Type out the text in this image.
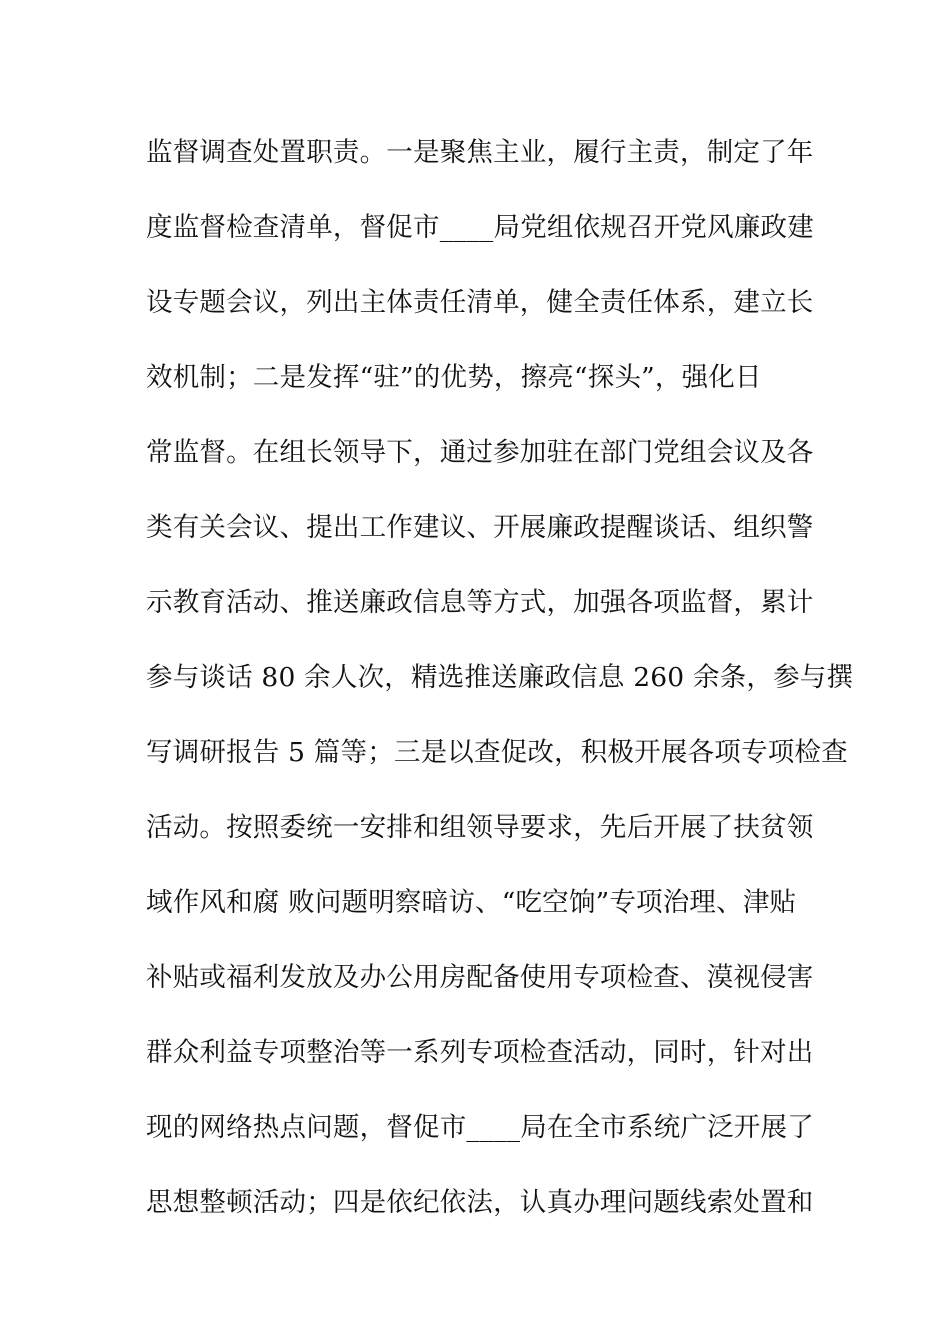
监督调查处置职责。一是聚焦主业，履行主责，制定了年
度监督检查清单，督促市____局党组依规召开党风廉政建
设专题会议，列出主体责任清单，健全责任体系，建立长
效机制；二是发挥“驻”的优势，擦亮“探头”，强化日
常监督。在组长领导下，通过参加驻在部门党组会议及各
类有关会议、提出工作建议、开展廉政提醒谈话、组织警
示教育活动、推送廉政信息等方式，加强各项监督，累计
参与谈话 80 余人次，精选推送廉政信息 260 余条，参与撰
写调研报告 5 篇等；三是以查促改，积极开展各项专项检查
活动。按照委统一安排和组领导要求，先后开展了扶贫领
域作风和腐 败问题明察暗访、“吃空饷”专项治理、津贴
补贴或福利发放及办公用房配备使用专项检查、漠视侵害
群众利益专项整治等一系列专项检查活动，同时，针对出
现的网络热点问题，督促市____局在全市系统广泛开展了
思想整顿活动；四是依纪依法，认真办理问题线索处置和
